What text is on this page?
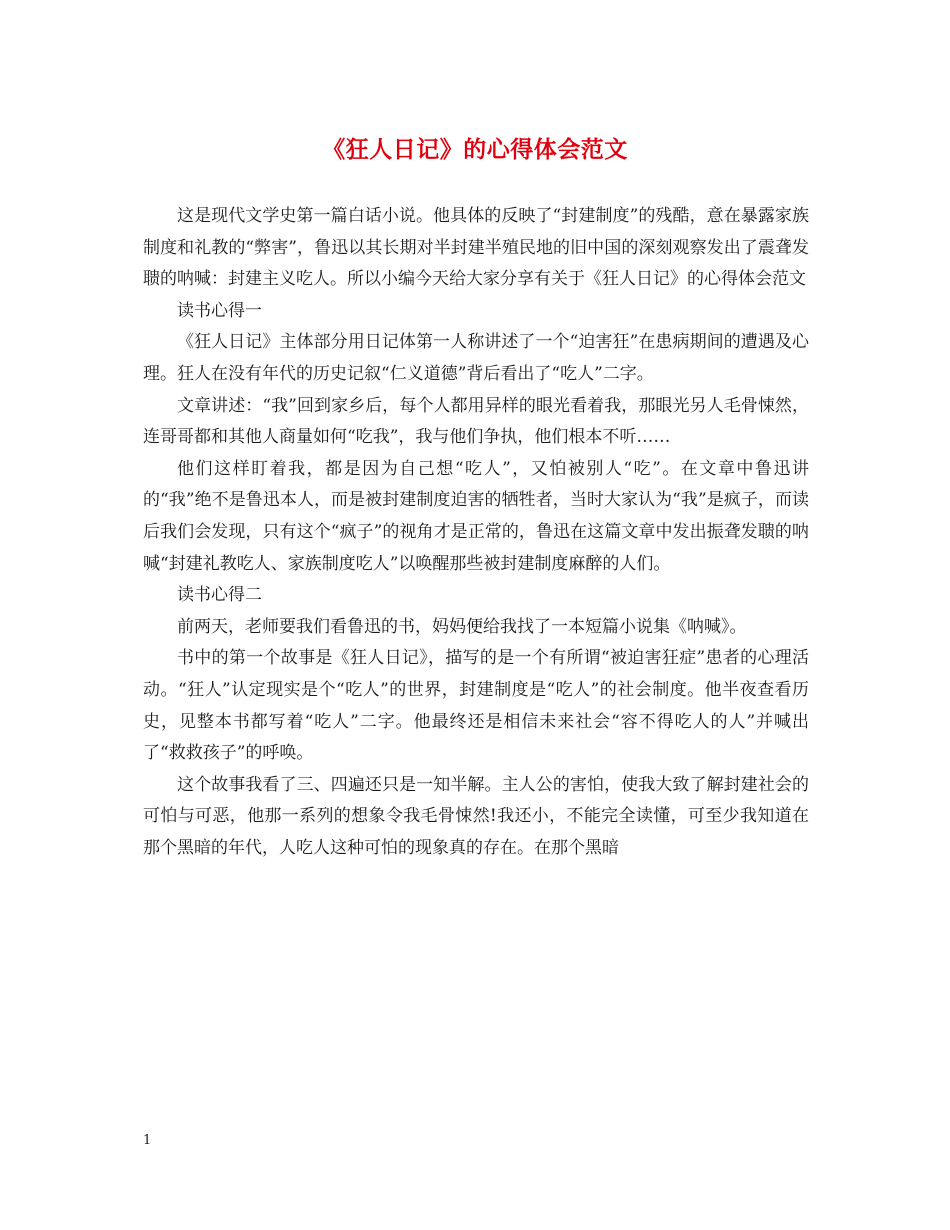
《狂人日记》的心得体会范文

这是现代文学史第一篇白话小说。他具体的反映了“封建制度”的残酷，意在暴露家族制度和礼教的“弊害”，鲁迅以其长期对半封建半殖民地的旧中国的深刻观察发出了震聋发聩的呐喊：封建主义吃人。所以小编今天给大家分享有关于《狂人日记》的心得体会范文

读书心得一

《狂人日记》主体部分用日记体第一人称讲述了一个“迫害狂”在患病期间的遭遇及心理。狂人在没有年代的历史记叙“仁义道德”背后看出了“吃人”二字。

文章讲述：“我”回到家乡后，每个人都用异样的眼光看着我，那眼光另人毛骨悚然，连哥哥都和其他人商量如何“吃我”，我与他们争执，他们根本不听……

他们这样盯着我，都是因为自己想“吃人”，又怕被别人“吃”。在文章中鲁迅讲的“我”绝不是鲁迅本人，而是被封建制度迫害的牺牲者，当时大家认为“我”是疯子，而读后我们会发现，只有这个“疯子”的视角才是正常的，鲁迅在这篇文章中发出振聋发聩的呐喊“封建礼教吃人、家族制度吃人”以唤醒那些被封建制度麻醉的人们。

读书心得二

前两天，老师要我们看鲁迅的书，妈妈便给我找了一本短篇小说集《呐喊》。

书中的第一个故事是《狂人日记》，描写的是一个有所谓“被迫害狂症”患者的心理活动。“狂人”认定现实是个“吃人”的世界，封建制度是“吃人”的社会制度。他半夜查看历史，见整本书都写着“吃人”二字。他最终还是相信未来社会“容不得吃人的人”并喊出了“救救孩子”的呼唤。

这个故事我看了三、四遍还只是一知半解。主人公的害怕，使我大致了解封建社会的可怕与可恶，他那一系列的想象令我毛骨悚然!我还小，不能完全读懂，可至少我知道在那个黑暗的年代，人吃人这种可怕的现象真的存在。在那个黑暗

1
